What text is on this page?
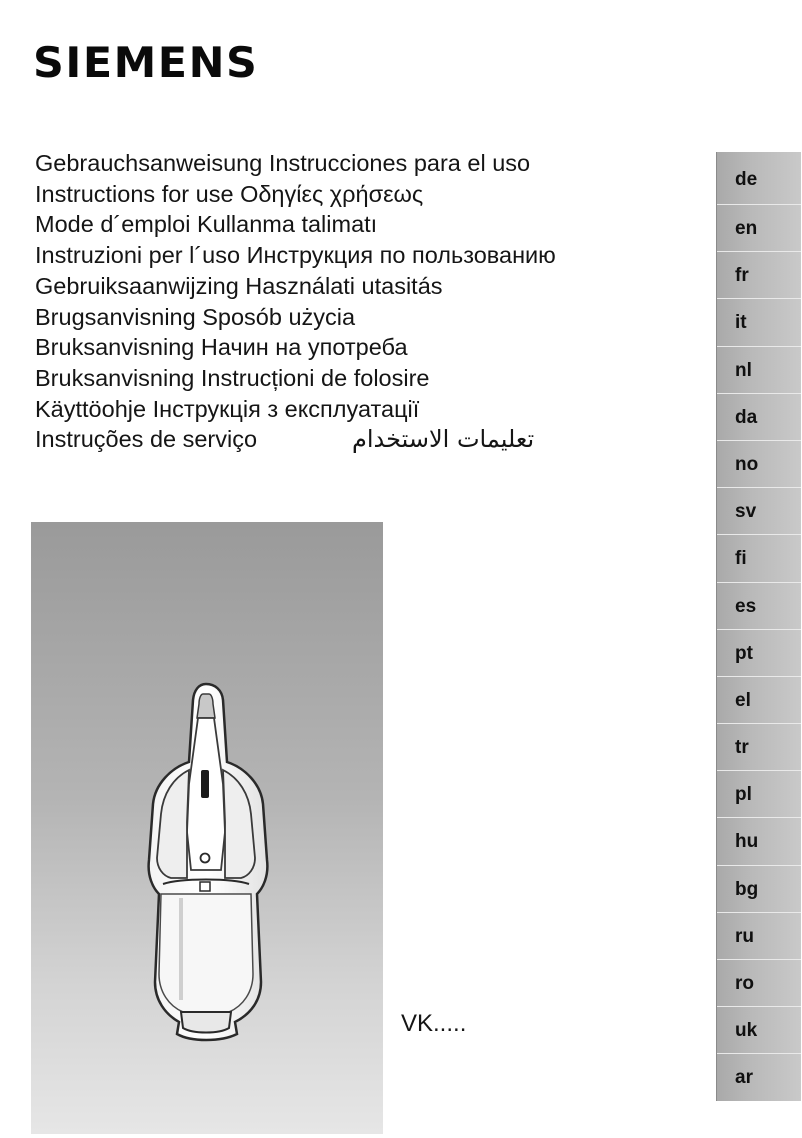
SIEMENS
Gebrauchsanweisung Instrucciones para el uso
Instructions for use Οδηγίες χρήσεως
Mode d´emploi Kullanma talimatı
Instruzioni per l´uso Инструкция по пользованию
Gebruiksaanwijzing Használati utasitás
Brugsanvisning Sposób użycia
Bruksanvisning Начин на употреба
Bruksanvisning Instrucționi de folosire
Käyttöohje Інструкція з експлуатації
Instruções de serviço	تعليمات الاستخدام
VK.....
de
en
fr
it
nl
da
no
sv
fi
es
pt
el
tr
pl
hu
bg
ru
ro
uk
ar
